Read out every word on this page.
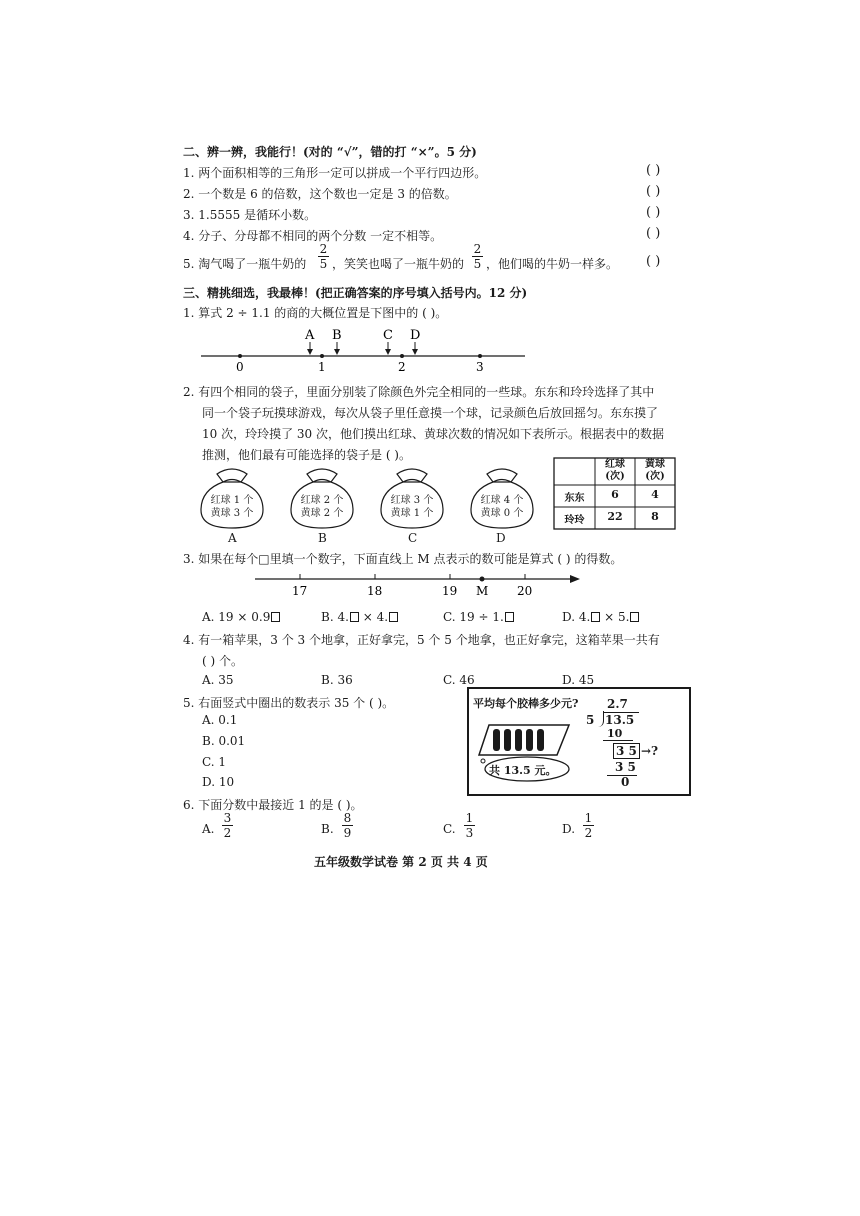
二、辨一辨，我能行！(对的 “√”，错的打 “×”。5 分)
1. 两个面积相等的三角形一定可以拼成一个平行四边形。	( )
2. 一个数是 6 的倍数，这个数也一定是 3 的倍数。	( )
3. 1.5555 是循环小数。	( )
4. 分子、分母都不相同的两个分数 一定不相等。	( )
5. 淘气喝了一瓶牛奶的
2
5 ，笑笑也喝了一瓶牛奶的
2
5 ，他们喝的牛奶一样多。 ( )
三、精挑细选，我最棒！(把正确答案的序号填入括号内。12 分)
1. 算式 2 ÷ 1.1 的商的大概位置是下图中的 ( )。
A B	C D
0	1	2	3
2. 有四个相同的袋子，里面分别装了除颜色外完全相同的一些球。东东和玲玲选择了其中
同一个袋子玩摸球游戏，每次从袋子里任意摸一个球，记录颜色后放回摇匀。东东摸了
10 次，玲玲摸了 30 次，他们摸出红球、黄球次数的情况如下表所示。根据表中的数据
推测，他们最有可能选择的袋子是 ( )。
红球 1 个
黄球 3 个
A
红球 2 个
黄球 2 个
B
红球 3 个
黄球 1 个
C
红球 4 个
黄球 0 个
D
红球
(次)
黄球
(次)
东东	6	4
玲玲	22	8
3. 如果在每个□里填一个数字，下面直线上 M 点表示的数可能是算式 ( ) 的得数。
17	18	19 M 20
A. 19 × 0.9	B. 4. × 4.	C. 19 ÷ 1.	D. 4. × 5.
4. 有一箱苹果，3 个 3 个地拿，正好拿完，5 个 5 个地拿，也正好拿完，这箱苹果一共有
( ) 个。
A. 35	B. 36	C. 46	D. 45
5. 右面竖式中圈出的数表示 35 个 ( )。
A. 0.1
B. 0.01
C. 1
D. 10
平均每个胶棒多少元?
共 13.5 元。
2.7
5 13.5
10
3 5 →?
3 5
0
6. 下面分数中最接近 1 的是 ( )。
A.
3
2	B.
8
9	C.
1
3	D.
1
2
五年级数学试卷 第 2 页 共 4 页
